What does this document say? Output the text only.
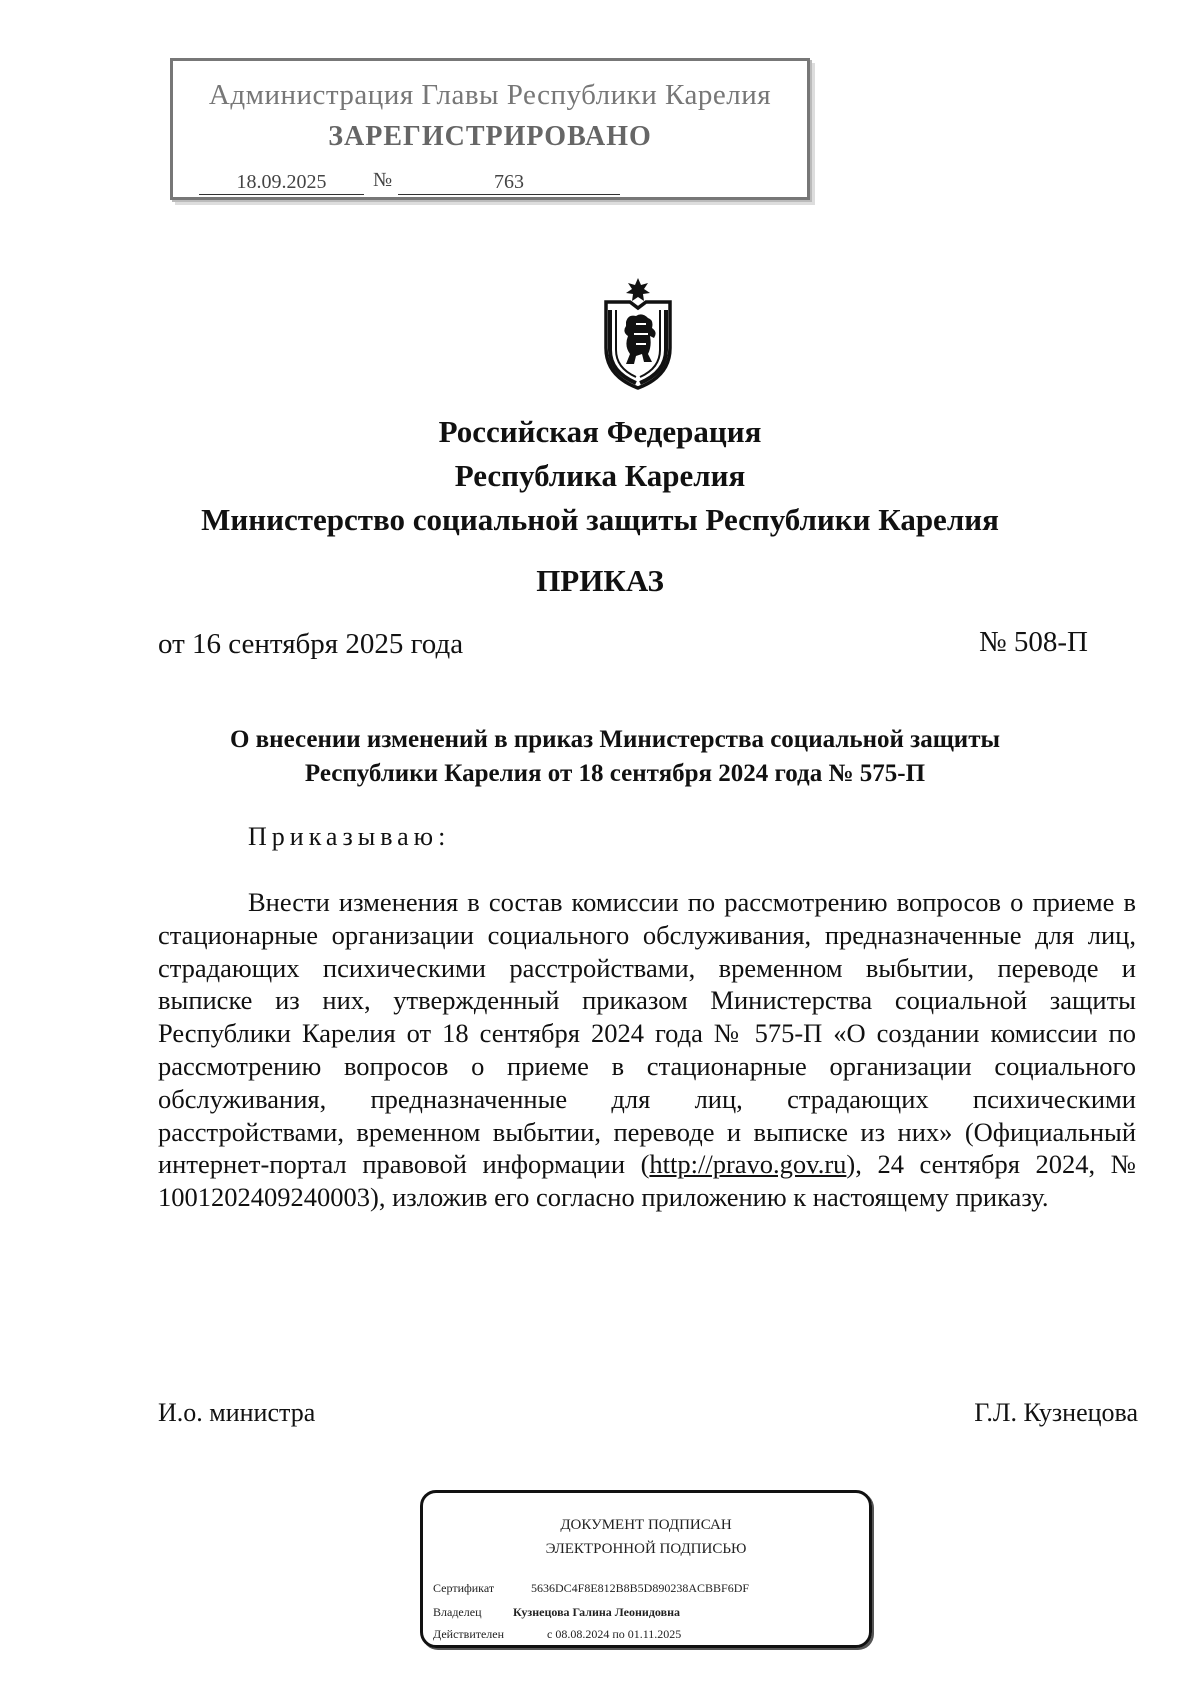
Администрация Главы Республики Карелия
ЗАРЕГИСТРИРОВАНО
18.09.2025	№	763
Российская Федерация
Республика Карелия
Министерство социальной защиты Республики Карелия
ПРИКАЗ
от 16 сентября 2025 года	№ 508-П
О внесении изменений в приказ Министерства социальной защиты
Республики Карелия от 18 сентября 2024 года № 575-П
Приказываю:
Внести изменения в состав комиссии по рассмотрению вопросов о приеме в стационарные организации социального обслуживания, предназначенные для лиц, страдающих психическими расстройствами, временном выбытии, переводе и выписке из них, утвержденный приказом Министерства социальной защиты Республики Карелия от 18 сентября 2024 года № 575-П «О создании комиссии по рассмотрению вопросов о приеме в стационарные организации социального обслуживания, предназначенные для лиц, страдающих психическими расстройствами, временном выбытии, переводе и выписке из них» (Официальный интернет-портал правовой информации (http://pravo.gov.ru), 24 сентября 2024, № 1001202409240003), изложив его согласно приложению к настоящему приказу.
И.о. министра	Г.Л. Кузнецова
ДОКУМЕНТ ПОДПИСАН
ЭЛЕКТРОННОЙ ПОДПИСЬЮ
Сертификат	5636DC4F8E812B8B5D890238ACBBF6DF
Владелец	Кузнецова Галина Леонидовна
Действителен	с 08.08.2024 по 01.11.2025
